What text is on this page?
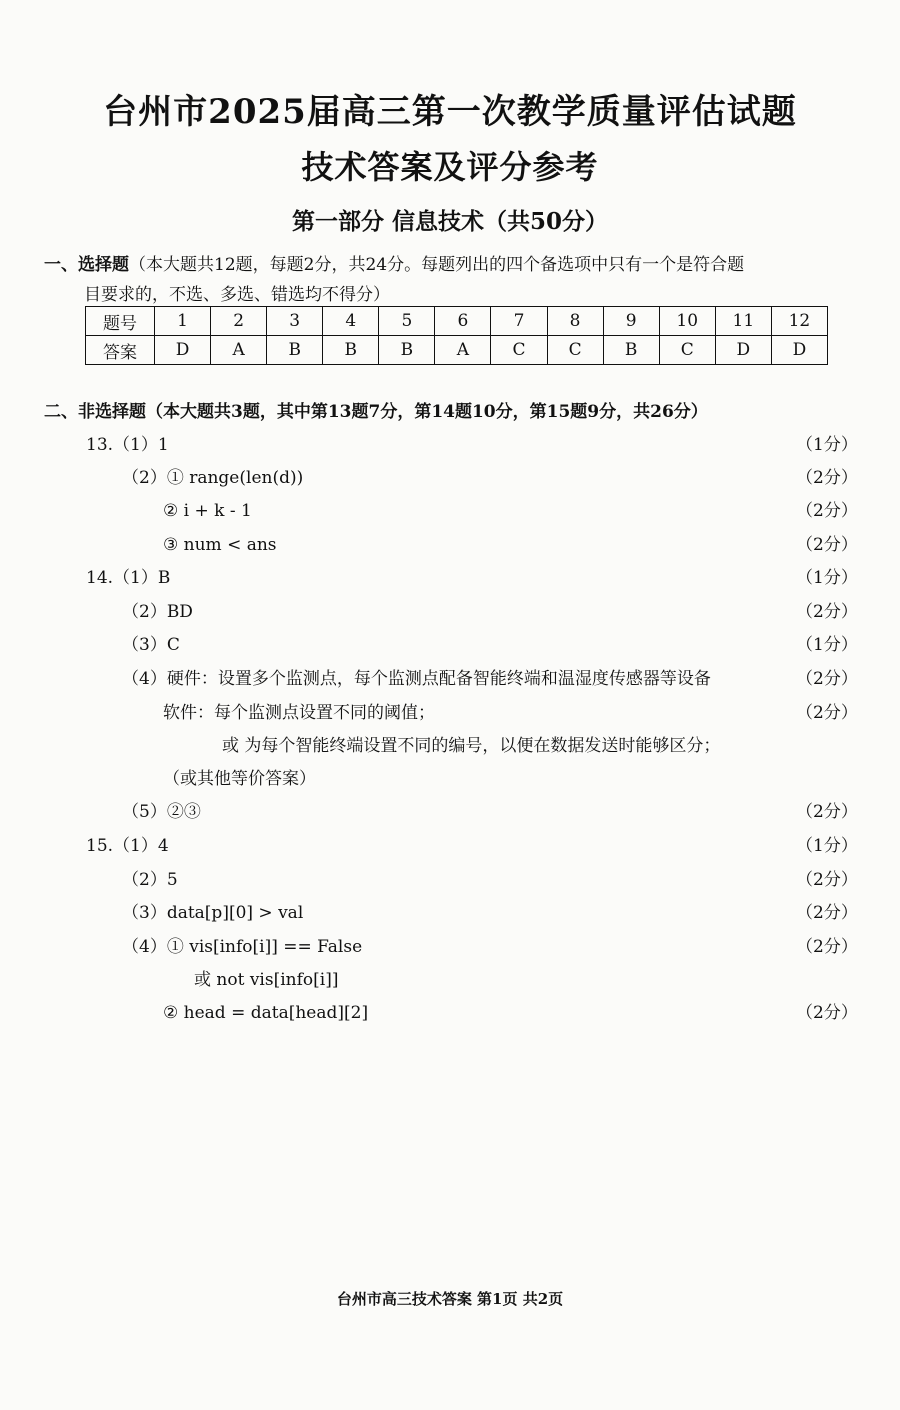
台州市2025届高三第一次教学质量评估试题
技术答案及评分参考
第一部分 信息技术（共50分）
一、选择题（本大题共12题，每题2分，共24分。每题列出的四个备选项中只有一个是符合题
目要求的，不选、多选、错选均不得分）
题号	1	2	3	4	5	6	7	8	9	10	11	12
答案	D	A	B	B	B	A	C	C	B	C	D	D
二、非选择题（本大题共3题，其中第13题7分，第14题10分，第15题9分，共26分）
13.（1）1	（1分）
（2）① range(len(d))	（2分）
② i + k - 1	（2分）
③ num < ans	（2分）
14.（1）B	（1分）
（2）BD	（2分）
（3）C	（1分）
（4）硬件：设置多个监测点，每个监测点配备智能终端和温湿度传感器等设备	（2分）
软件：每个监测点设置不同的阈值；	（2分）
或 为每个智能终端设置不同的编号，以便在数据发送时能够区分；
（或其他等价答案）
（5）②③	（2分）
15.（1）4	（1分）
（2）5	（2分）
（3）data[p][0] > val	（2分）
（4）① vis[info[i]] == False	（2分）
或 not vis[info[i]]
② head = data[head][2]	（2分）
台州市高三技术答案 第1页 共2页
